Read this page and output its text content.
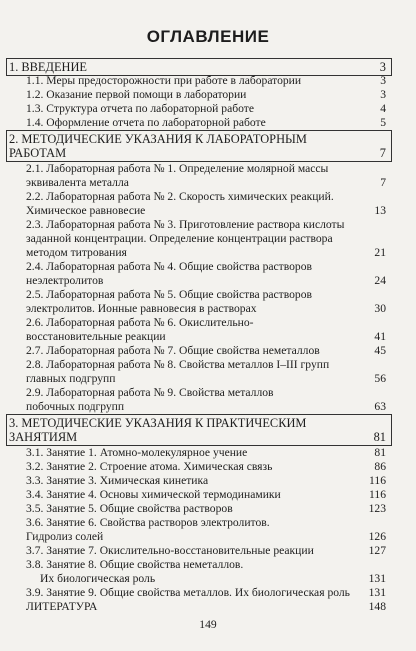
ОГЛАВЛЕНИЕ
1. ВВЕДЕНИЕ	3
1.1. Меры предосторожности при работе в лаборатории	3
1.2. Оказание первой помощи в лаборатории	3
1.3. Структура отчета по лабораторной работе	4
1.4. Оформление отчета по лабораторной работе	5
2. МЕТОДИЧЕСКИЕ УКАЗАНИЯ К ЛАБОРАТОРНЫМ
РАБОТАМ	7
2.1. Лабораторная работа № 1. Определение молярной массы
эквивалента металла	7
2.2. Лабораторная работа № 2. Скорость химических реакций.
Химическое равновесие	13
2.3. Лабораторная работа № 3. Приготовление раствора кислоты
заданной концентрации. Определение концентрации раствора
методом титрования	21
2.4. Лабораторная работа № 4. Общие свойства растворов
неэлектролитов	24
2.5. Лабораторная работа № 5. Общие свойства растворов
электролитов. Ионные равновесия в растворах	30
2.6. Лабораторная работа № 6. Окислительно-
восстановительные реакции	41
2.7. Лабораторная работа № 7. Общие свойства неметаллов	45
2.8. Лабораторная работа № 8. Свойства металлов I–III групп
главных подгрупп	56
2.9. Лабораторная работа № 9. Свойства металлов
побочных подгрупп	63
3. МЕТОДИЧЕСКИЕ УКАЗАНИЯ К ПРАКТИЧЕСКИМ
ЗАНЯТИЯМ	81
3.1. Занятие 1. Атомно-молекулярное учение	81
3.2. Занятие 2. Строение атома. Химическая связь	86
3.3. Занятие 3. Химическая кинетика	116
3.4. Занятие 4. Основы химической термодинамики	116
3.5. Занятие 5. Общие свойства растворов	123
3.6. Занятие 6. Свойства растворов электролитов.
Гидролиз солей	126
3.7. Занятие 7. Окислительно-восстановительные реакции	127
3.8. Занятие 8. Общие свойства неметаллов.
Их биологическая роль	131
3.9. Занятие 9. Общие свойства металлов. Их биологическая роль 131
ЛИТЕРАТУРА	148
149
